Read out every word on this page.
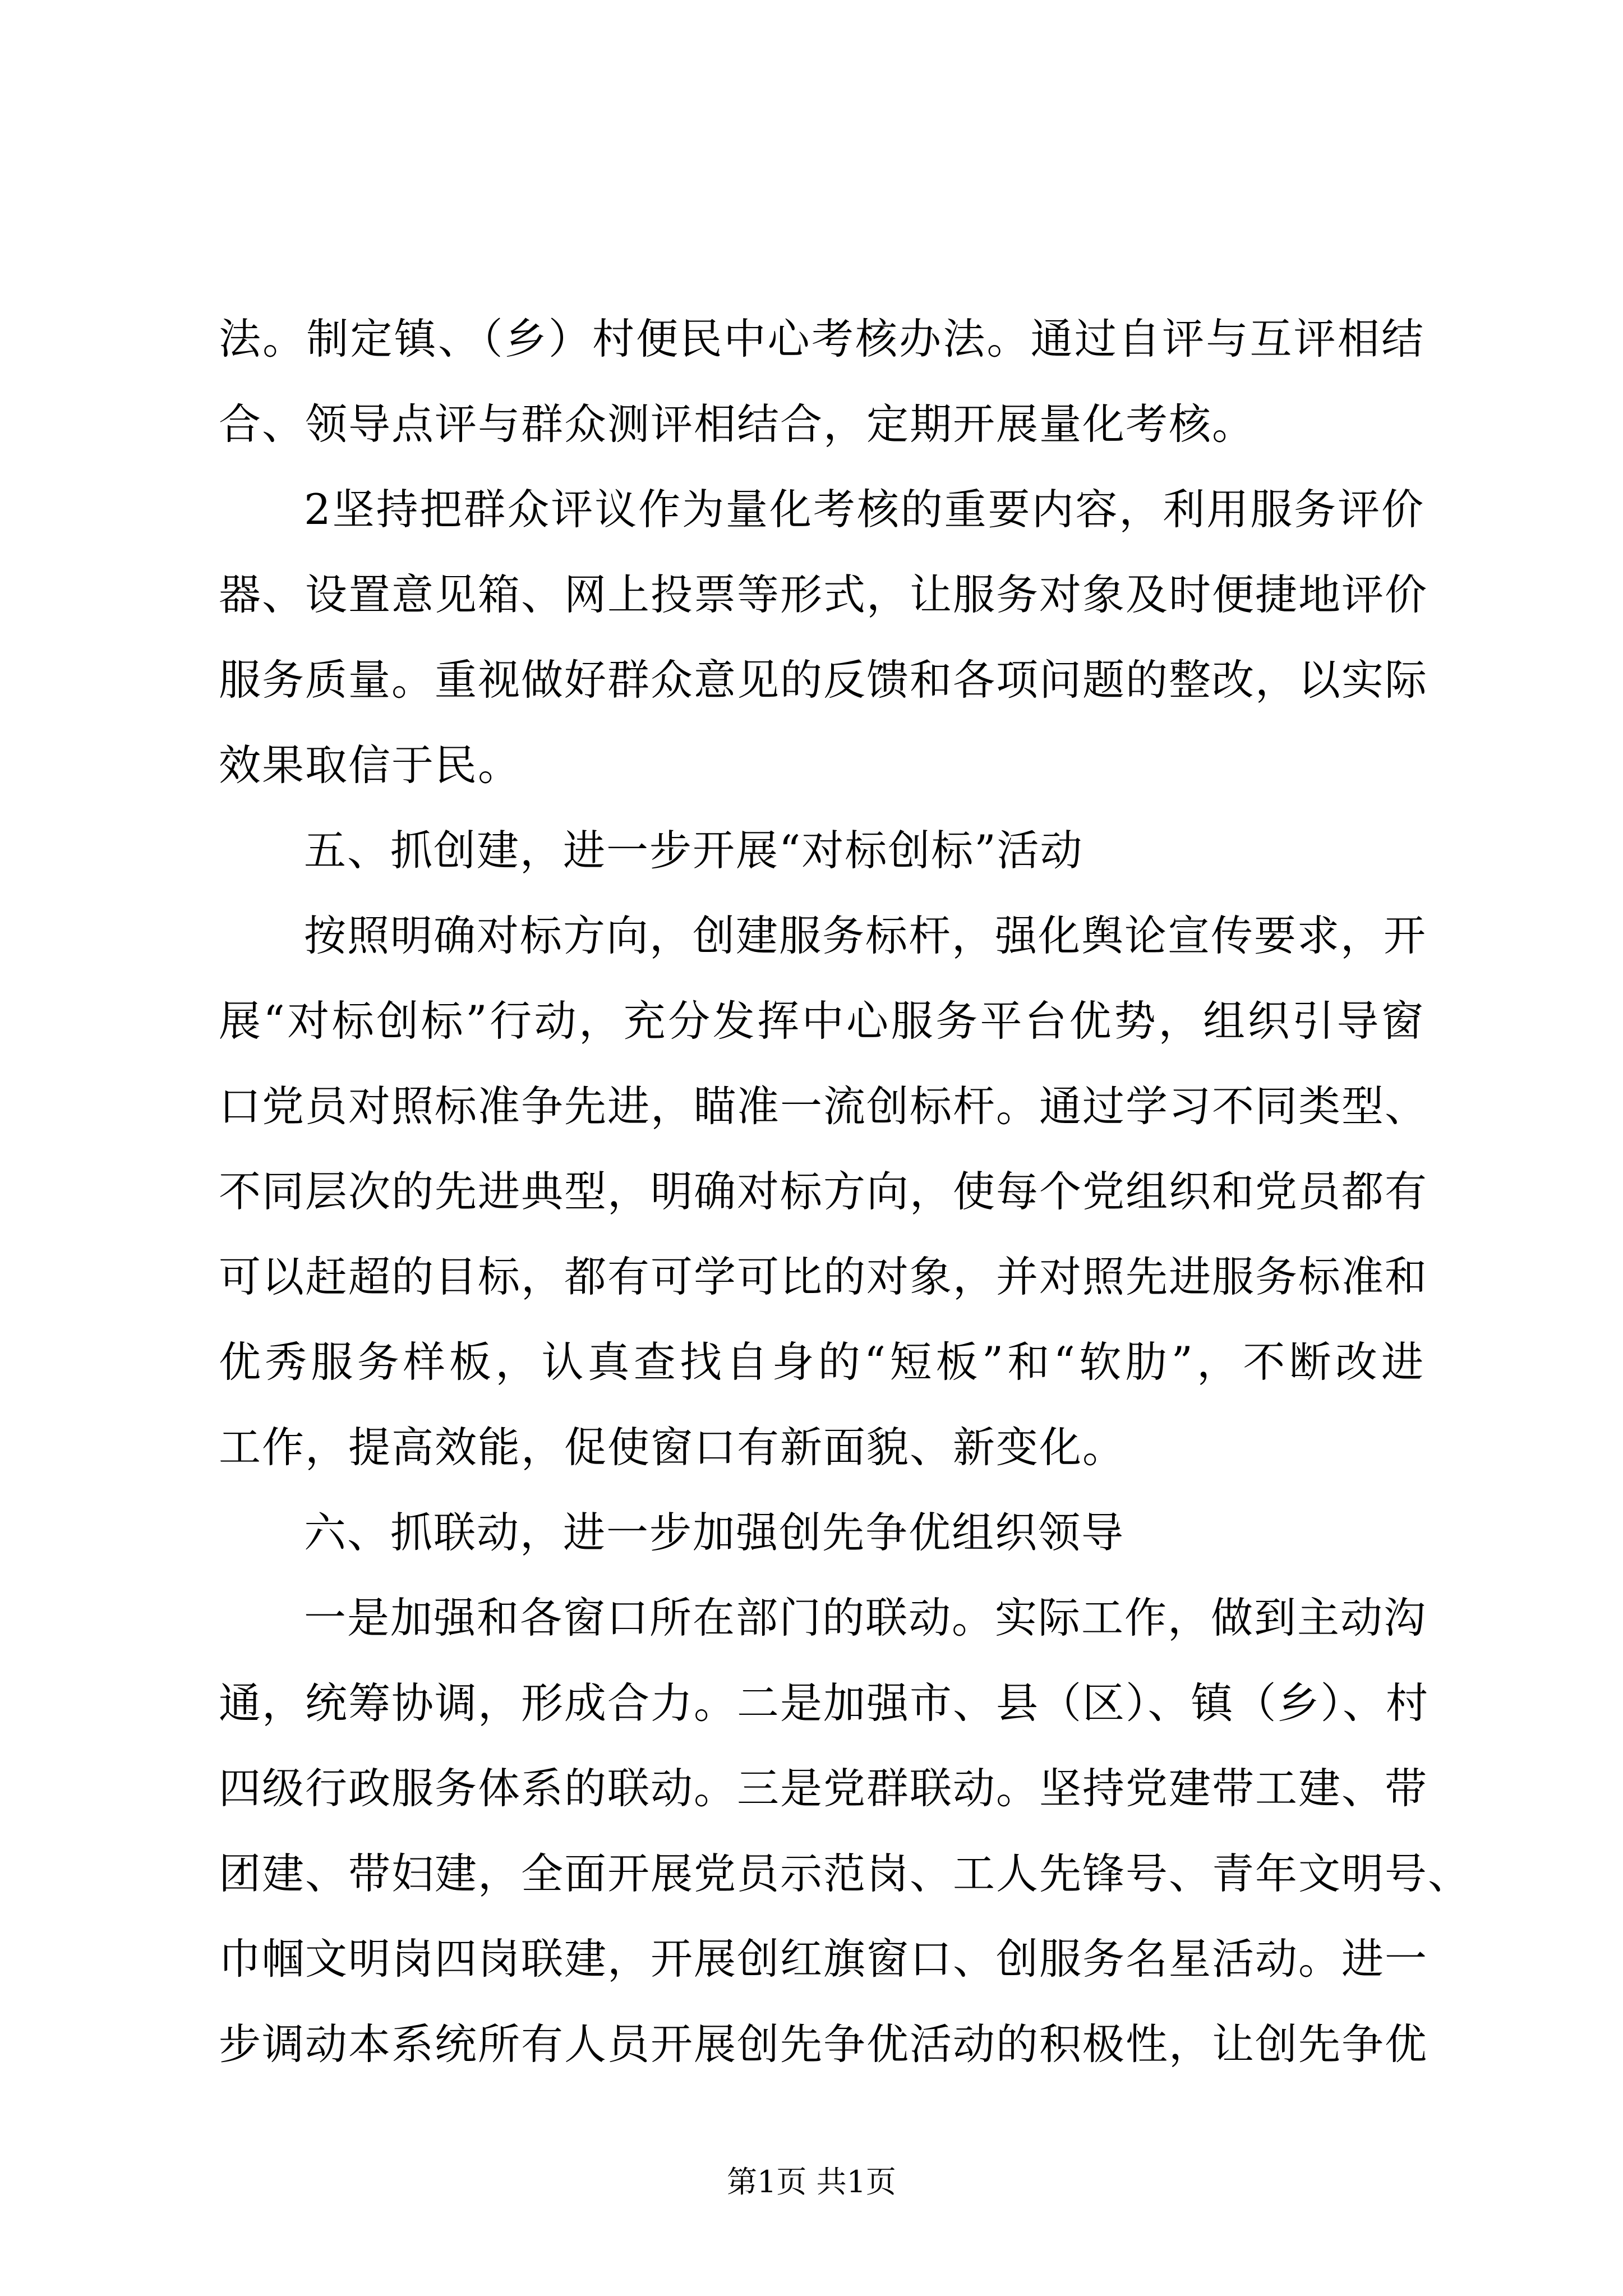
法。制定镇、（乡）村便民中心考核办法。通过自评与互评相结
合、领导点评与群众测评相结合，定期开展量化考核。
2坚持把群众评议作为量化考核的重要内容，利用服务评价
器、设置意见箱、网上投票等形式，让服务对象及时便捷地评价
服务质量。重视做好群众意见的反馈和各项问题的整改，以实际
效果取信于民。
五、抓创建，进一步开展“对标创标”活动
按照明确对标方向，创建服务标杆，强化舆论宣传要求，开
展“对标创标”行动，充分发挥中心服务平台优势，组织引导窗
口党员对照标准争先进，瞄准一流创标杆。通过学习不同类型、
不同层次的先进典型，明确对标方向，使每个党组织和党员都有
可以赶超的目标，都有可学可比的对象，并对照先进服务标准和
优秀服务样板，认真查找自身的“短板”和“软肋”，不断改进
工作，提高效能，促使窗口有新面貌、新变化。
六、抓联动，进一步加强创先争优组织领导
一是加强和各窗口所在部门的联动。实际工作，做到主动沟
通，统筹协调，形成合力。二是加强市、县（区）、镇（乡）、村
四级行政服务体系的联动。三是党群联动。坚持党建带工建、带
团建、带妇建，全面开展党员示范岗、工人先锋号、青年文明号、
巾帼文明岗四岗联建，开展创红旗窗口、创服务名星活动。进一
步调动本系统所有人员开展创先争优活动的积极性，让创先争优
第1页 共1页
